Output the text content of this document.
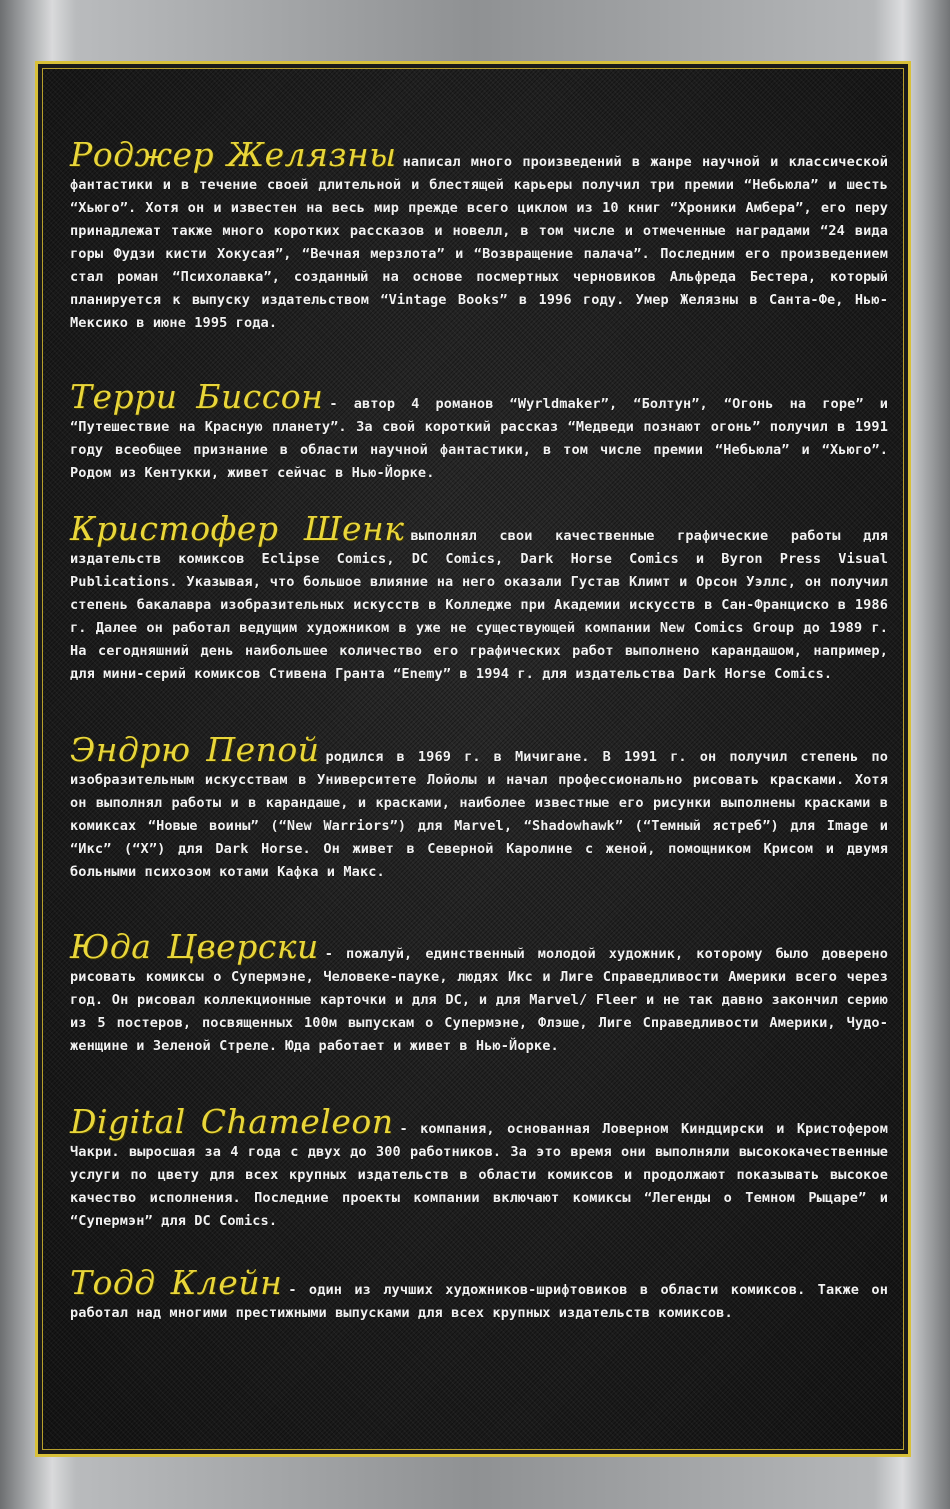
Роджер Желязны написал много произведений в жанре научной и классической фантастики и в течение своей длительной и блестящей карьеры получил три премии “Небьюла” и шесть “Хьюго”. Хотя он и известен на весь мир прежде всего циклом из 10 книг “Хроники Амбера”, его перу принадлежат также много коротких рассказов и новелл, в том числе и отмеченные наградами “24 вида горы Фудзи кисти Хокусая”, “Вечная мерзлота” и “Возвращение палача”. Последним его произведением стал роман “Психолавка”, созданный на основе посмертных черновиков Альфреда Бестера, который планируется к выпуску издательством “Vintage Books” в 1996 году. Умер Желязны в Санта-Фе, Нью-Мексико в июне 1995 года.
Терри Биссон - автор 4 романов “Wyrldmaker”, “Болтун”, “Огонь на горе” и “Путешествие на Красную планету”. За свой короткий рассказ “Медведи познают огонь” получил в 1991 году всеобщее признание в области научной фантастики, в том числе премии “Небьюла” и “Хьюго”. Родом из Кентукки, живет сейчас в Нью-Йорке.
Кристофер Шенк выполнял свои качественные графические работы для издательств комиксов Eclipse Comics, DC Comics, Dark Horse Comics и Byron Press Visual Publications. Указывая, что большое влияние на него оказали Густав Климт и Орсон Уэллс, он получил степень бакалавра изобразительных искусств в Колледже при Академии искусств в Сан-Франциско в 1986 г. Далее он работал ведущим художником в уже не существующей компании New Comics Group до 1989 г. На сегодняшний день наибольшее количество его графических работ выполнено карандашом, например, для мини-серий комиксов Стивена Гранта “Enemy” в 1994 г. для издательства Dark Horse Comics.
Эндрю Пепой родился в 1969 г. в Мичигане. В 1991 г. он получил степень по изобразительным искусствам в Университете Лойолы и начал профессионально рисовать красками. Хотя он выполнял работы и в карандаше, и красками, наиболее известные его рисунки выполнены красками в комиксах “Новые воины” (“New Warriors”) для Marvel, “Shadowhawk” (“Темный ястреб”) для Image и “Икс” (“X”) для Dark Horse. Он живет в Северной Каролине с женой, помощником Крисом и двумя больными психозом котами Кафка и Макс.
Юда Цверски - пожалуй, единственный молодой художник, которому было доверено рисовать комиксы о Супермэне, Человеке-пауке, людях Икс и Лиге Справедливости Америки всего через год. Он рисовал коллекционные карточки и для DC, и для Marvel/ Fleer и не так давно закончил серию из 5 постеров, посвященных 100м выпускам о Супермэне, Флэше, Лиге Справедливости Америки, Чудо-женщине и Зеленой Стреле. Юда работает и живет в Нью-Йорке.
Digital Chameleon - компания, основанная Ловерном Киндцирски и Кристофером Чакри. выросшая за 4 года с двух до 300 работников. За это время они выполняли высококачественные услуги по цвету для всех крупных издательств в области комиксов и продолжают показывать высокое качество исполнения. Последние проекты компании включают комиксы “Легенды о Темном Рыцаре” и “Супермэн” для DC Comics.
Тодд Клейн - один из лучших художников-шрифтовиков в области комиксов. Также он работал над многими престижными выпусками для всех крупных издательств комиксов.
